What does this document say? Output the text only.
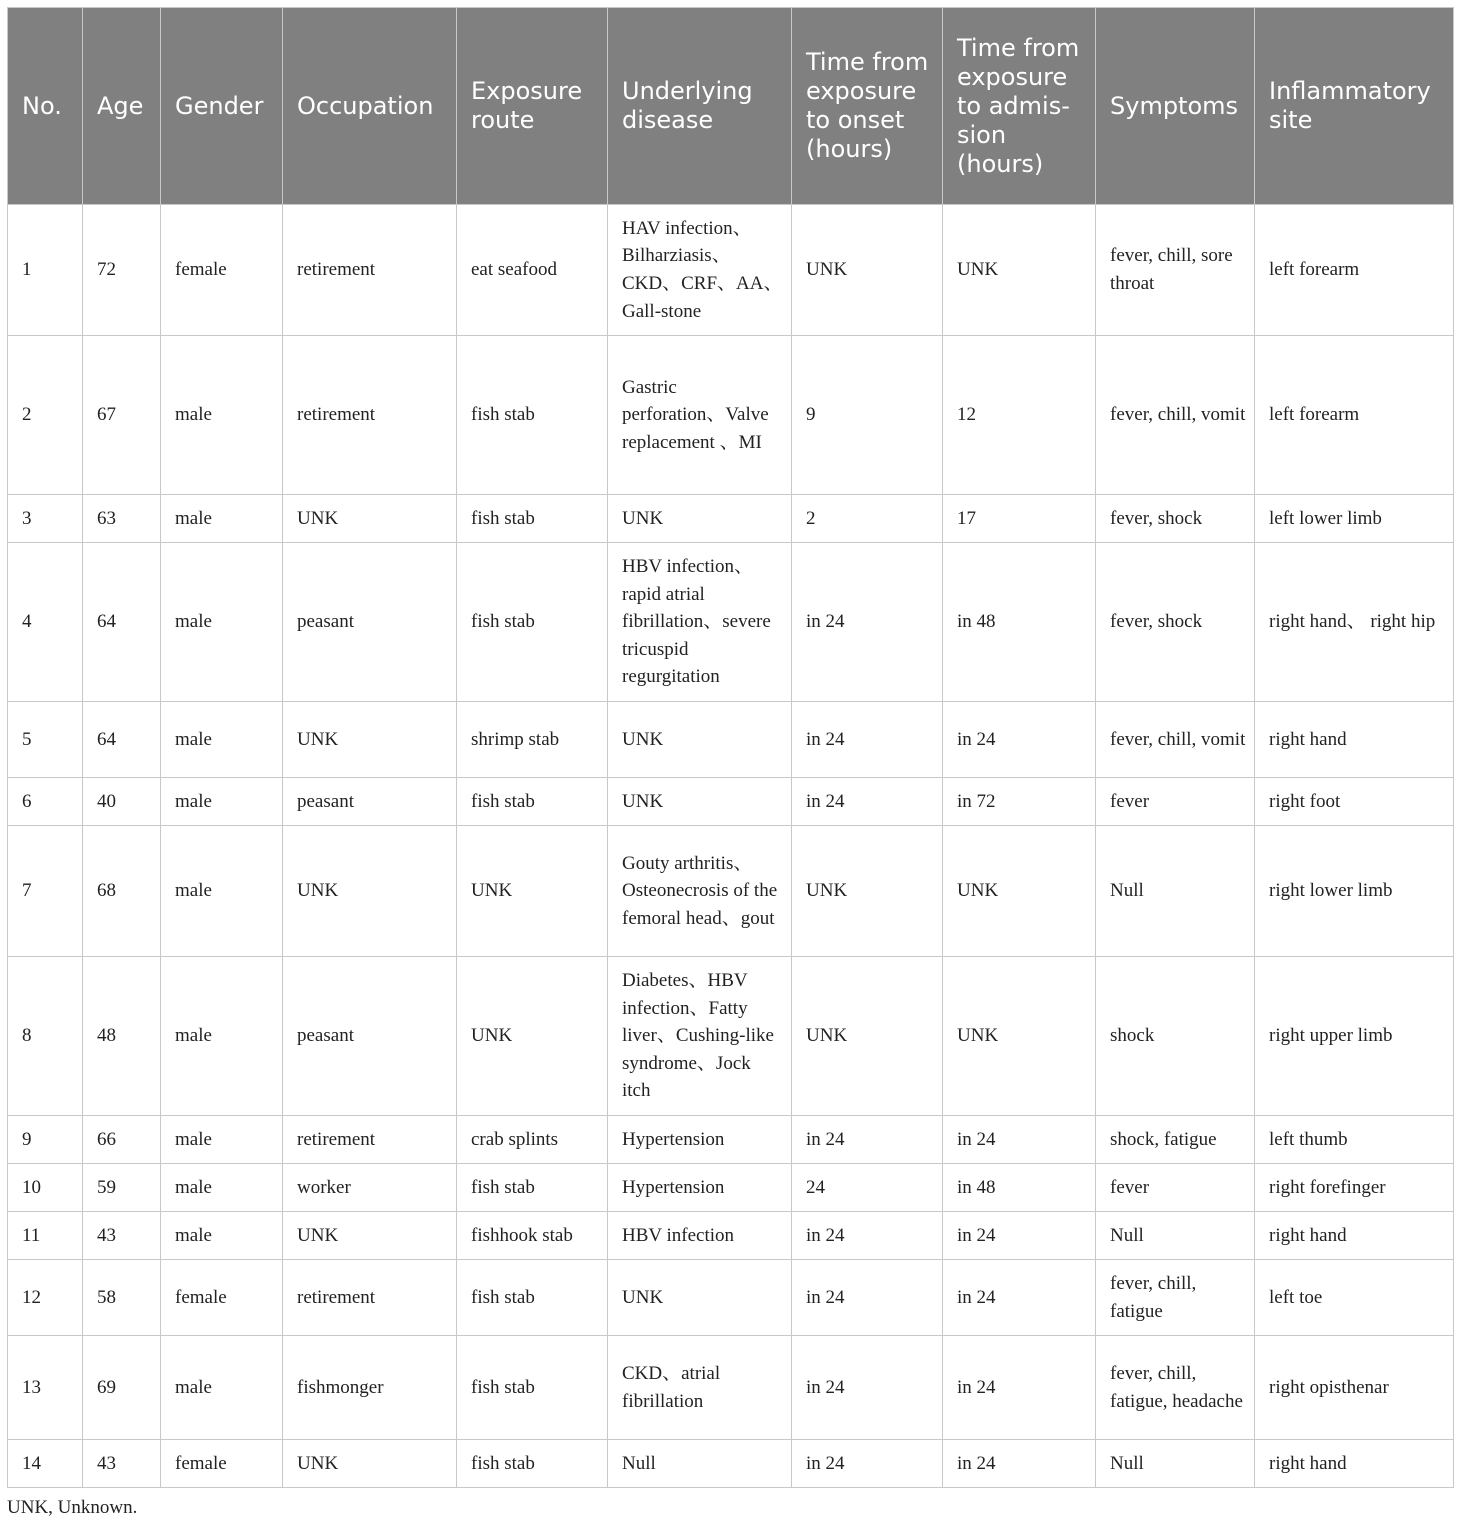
No.	Age	Gender	Occupation	Exposure route	Underlying disease	Time from exposure to onset (hours)	Time from exposure to admis-sion (hours)	Symptoms	Inflammatory site
1	72	female	retirement	eat seafood	HAV infection、Bilharziasis、CKD、CRF、AA、Gall-stone	UNK	UNK	fever, chill, sore throat	left forearm
2	67	male	retirement	fish stab	Gastric perforation、Valve replacement 、MI	9	12	fever, chill, vomit	left forearm
3	63	male	UNK	fish stab	UNK	2	17	fever, shock	left lower limb
4	64	male	peasant	fish stab	HBV infection、rapid atrial fibrillation、severe tricuspid regurgitation	in 24	in 48	fever, shock	right hand、 right hip
5	64	male	UNK	shrimp stab	UNK	in 24	in 24	fever, chill, vomit	right hand
6	40	male	peasant	fish stab	UNK	in 24	in 72	fever	right foot
7	68	male	UNK	UNK	Gouty arthritis、Osteonecrosis of the femoral head、gout	UNK	UNK	Null	right lower limb
8	48	male	peasant	UNK	Diabetes、HBV infection、Fatty liver、Cushing-like syndrome、Jock itch	UNK	UNK	shock	right upper limb
9	66	male	retirement	crab splints	Hypertension	in 24	in 24	shock, fatigue	left thumb
10	59	male	worker	fish stab	Hypertension	24	in 48	fever	right forefinger
11	43	male	UNK	fishhook stab	HBV infection	in 24	in 24	Null	right hand
12	58	female	retirement	fish stab	UNK	in 24	in 24	fever, chill, fatigue	left toe
13	69	male	fishmonger	fish stab	CKD、atrial fibrillation	in 24	in 24	fever, chill, fatigue, headache	right opisthenar
14	43	female	UNK	fish stab	Null	in 24	in 24	Null	right hand
UNK, Unknown.
